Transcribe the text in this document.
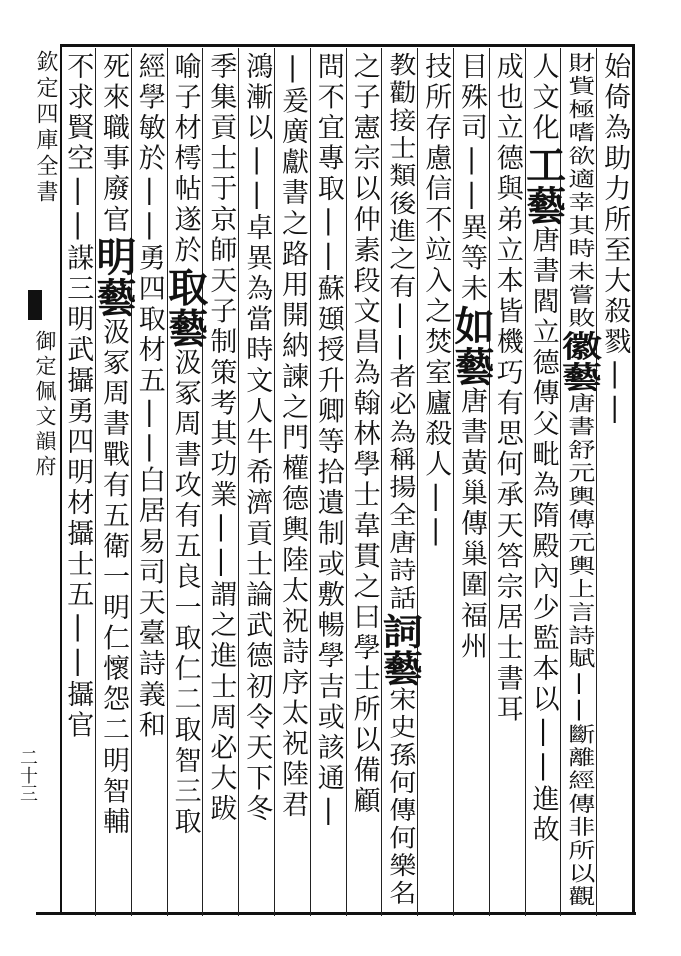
欽定四庫全書
御定佩文韻府
二十三
始倚為助力所至大殺戮||
財貲極嗜欲適幸其時未嘗敗徽藝唐書舒元輿傳元輿上言詩賦||斷離經傳非所以觀
人文化工藝唐書閻立德傳父毗為隋殿內少監本以||進故
成也立德與弟立本皆機巧有思何承天答宗居士書耳
目殊司||異等未如藝唐書黃巢傳巢圍福州
技所存慮信不竝入之焚室廬殺人||
教勸接士類後進之有||者必為稱揚全唐詩話詞藝宋史孫何傳何樂名
之子憲宗以仲素段文昌為翰林學士韋貫之曰學士所以備顧
問不宜專取||蘇頲授升卿等拾遺制或敷暢學吉或該通|
|爰廣獻書之路用開納諫之門權德輿陸太祝詩序太祝陸君
鴻漸以||卓異為當時文人牛希濟貢士論武德初令天下冬
季集貢士于京師天子制策考其功業||謂之進士周必大跋
喻子材樗帖遂於取藝汲冢周書攻有五良一取仁二取智三取
經學敏於||勇四取材五||白居易司天臺詩義和
死來職事廢官明藝汲冢周書戰有五衛一明仁懷怨二明智輔
不求賢空||謀三明武攝勇四明材攝士五||攝官
